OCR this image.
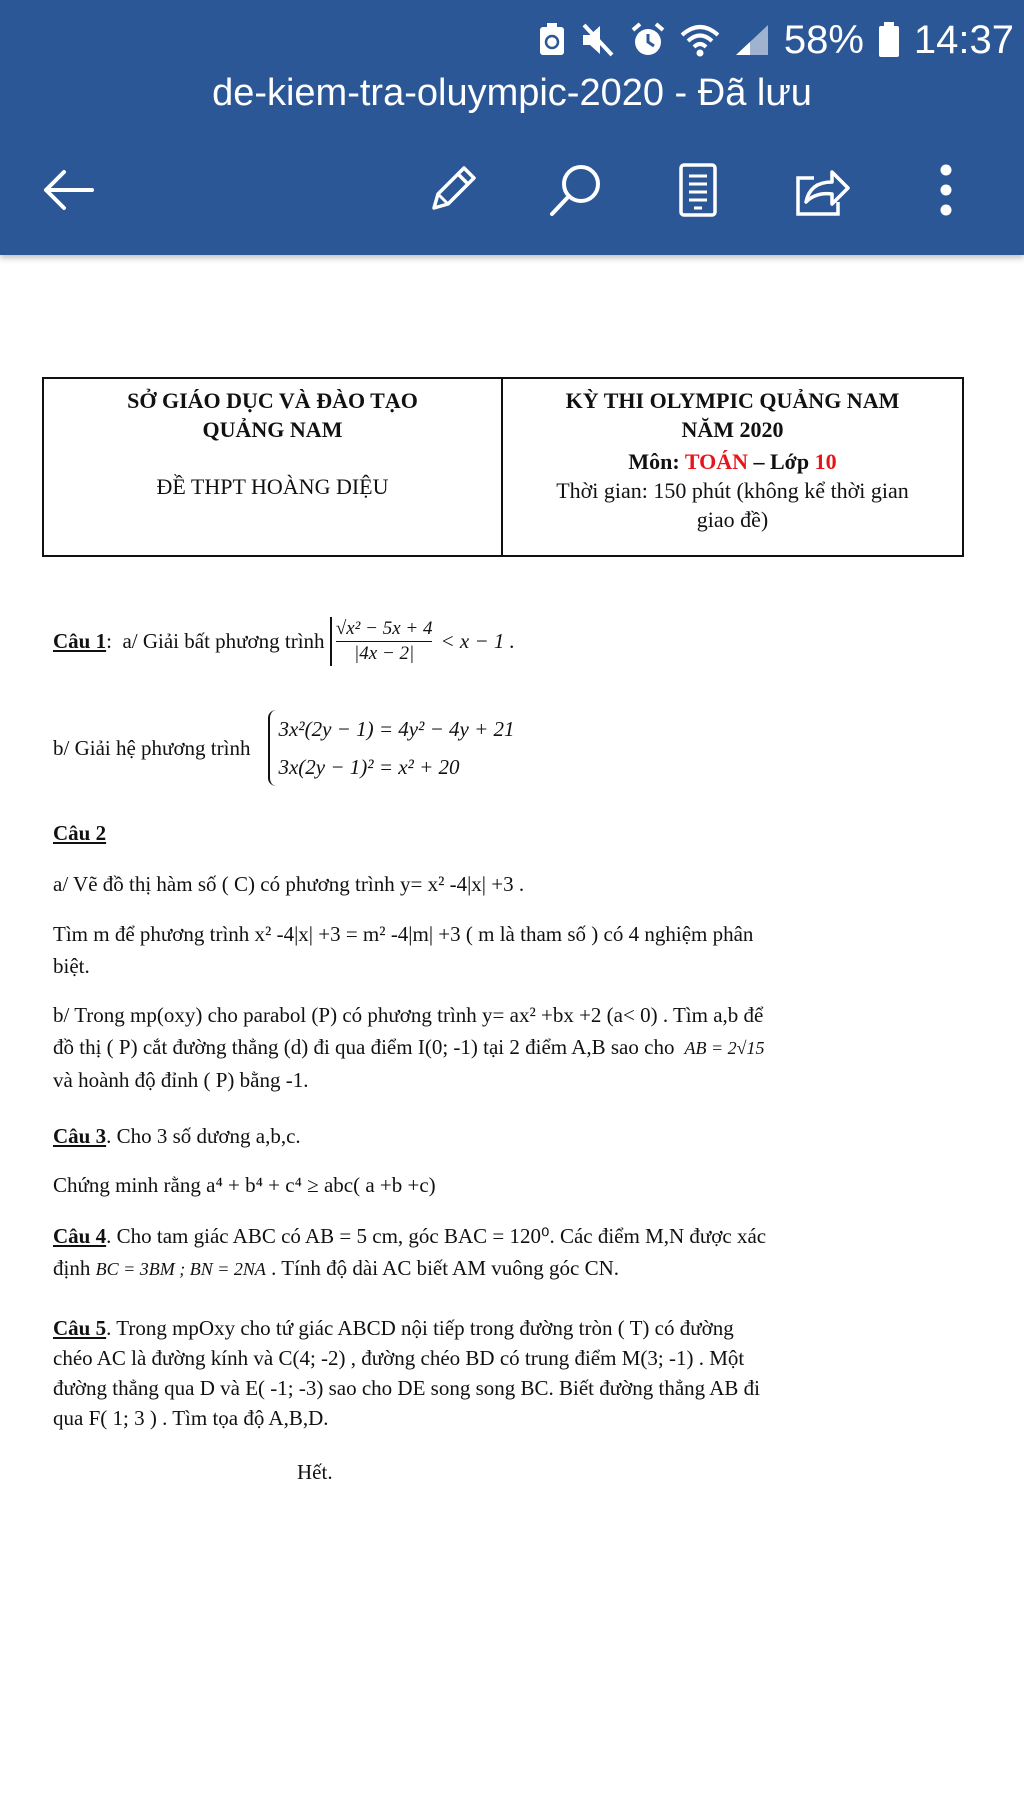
58% 14:37
de-kiem-tra-oluympic-2020 - Đã lưu
SỞ GIÁO DỤC VÀ ĐÀO TẠO
QUẢNG NAM
ĐỀ THPT HOÀNG DIỆU
KỲ THI OLYMPIC QUẢNG NAM
NĂM 2020
Môn: TOÁN – Lớp 10
Thời gian: 150 phút (không kể thời gian
giao đề)
Câu 1 :  a/ Giải bất phương trình $\frac{\text{√x² − 5x + 4}}{|4x - 2|} < x - 1$ .
b/ Giải hệ phương trình
3x²(2y − 1) = 4y² − 4y + 21
3x(2y − 1)² = x² + 20
Câu 2
a/ Vẽ đồ thị hàm số ( C) có phương trình y= x² -4|x| +3 .
Tìm m để phương trình x² -4|x| +3 = m² -4|m| +3 ( m là tham số ) có 4 nghiệm phân
biệt.
b/ Trong mp(oxy) cho parabol (P) có phương trình y= ax² +bx +2 (a< 0) . Tìm a,b để
đồ thị ( P) cắt đường thẳng (d) đi qua điểm I(0; -1) tại 2 điểm A,B sao cho AB = 2√15
và hoành độ đỉnh ( P) bằng -1.
Câu 3. Cho 3 số dương a,b,c.
Chứng minh rằng a⁴ + b⁴ + c⁴ ≥ abc( a +b +c)
Câu 4. Cho tam giác ABC có AB = 5 cm, góc BAC = 120⁰. Các điểm M,N được xác
định BC = 3BM ; BN = 2NA . Tính độ dài AC biết AM vuông góc CN.
Câu 5. Trong mpOxy cho tứ giác ABCD nội tiếp trong đường tròn ( T) có đường
chéo AC là đường kính và C(4; -2) , đường chéo BD có trung điểm M(3; -1) . Một
đường thẳng qua D và E( -1; -3) sao cho DE song song BC. Biết đường thẳng AB đi
qua F( 1; 3 ) . Tìm tọa độ A,B,D.
Hết.
